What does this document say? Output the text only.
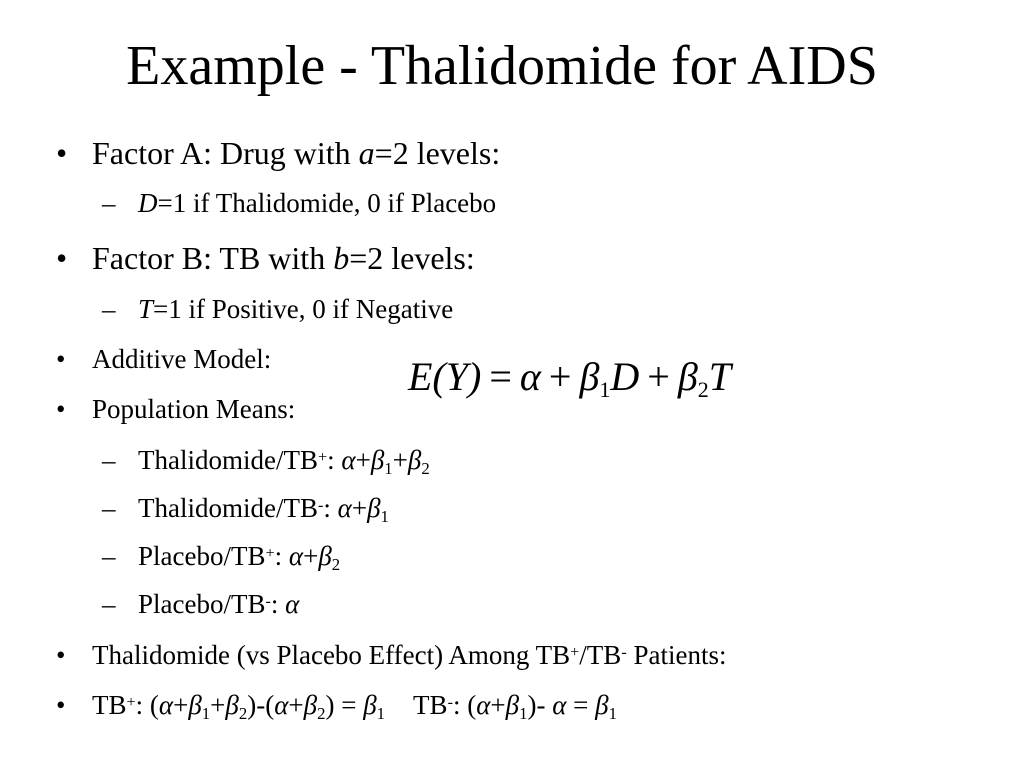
Example - Thalidomide for AIDS
• Factor A: Drug with a=2 levels:
– D=1 if Thalidomide, 0 if Placebo
• Factor B: TB with b=2 levels:
– T=1 if Positive, 0 if Negative
• Additive Model:	$E(Y) = \alpha + \beta_1D + \beta_2T$
• Population Means:
– Thalidomide/TB+: $\alpha+\beta_1+\beta_2$
– Thalidomide/TB-: $\alpha+\beta_1$
– Placebo/TB+: $\alpha+\beta_2$
– Placebo/TB-: α
• Thalidomide (vs Placebo Effect) Among TB+/TB- Patients:
• TB+: $(\alpha+\beta_1+\beta_2)-(\alpha+\beta_2) = \beta_1$ TB-: $(\alpha+\beta_1)-$ $\alpha = \beta_1$
